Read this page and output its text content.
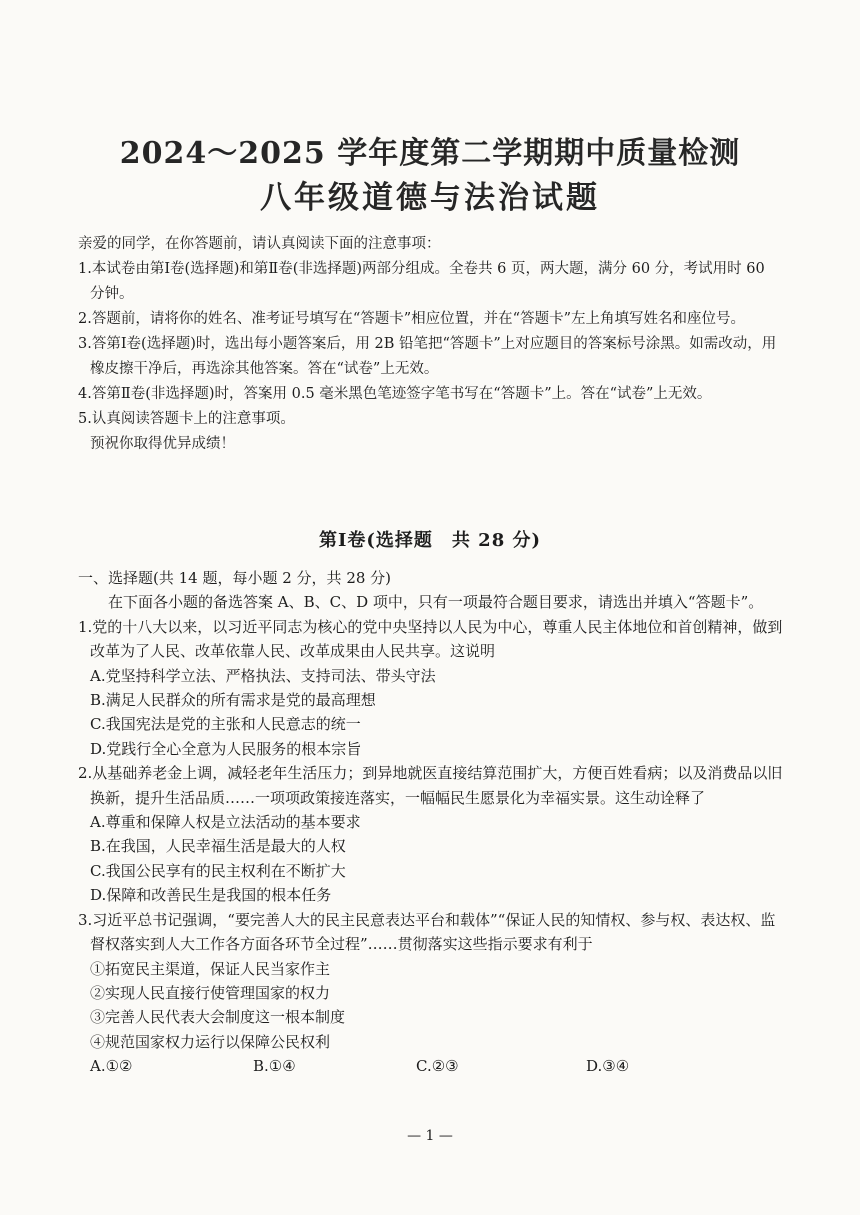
2024～2025 学年度第二学期期中质量检测
八年级道德与法治试题

亲爱的同学，在你答题前，请认真阅读下面的注意事项：

1.本试卷由第Ⅰ卷(选择题)和第Ⅱ卷(非选择题)两部分组成。全卷共 6 页，两大题，满分 60 分，考试用时 60 分钟。

2.答题前，请将你的姓名、准考证号填写在“答题卡”相应位置，并在“答题卡”左上角填写姓名和座位号。

3.答第Ⅰ卷(选择题)时，选出每小题答案后，用 2B 铅笔把“答题卡”上对应题目的答案标号涂黑。如需改动，用橡皮擦干净后，再选涂其他答案。答在“试卷”上无效。

4.答第Ⅱ卷(非选择题)时，答案用 0.5 毫米黑色笔迹签字笔书写在“答题卡”上。答在“试卷”上无效。

5.认真阅读答题卡上的注意事项。

预祝你取得优异成绩！

第Ⅰ卷(选择题　共 28 分)

一、选择题(共 14 题，每小题 2 分，共 28 分)

在下面各小题的备选答案 A、B、C、D 项中，只有一项最符合题目要求，请选出并填入“答题卡”。

1.党的十八大以来，以习近平同志为核心的党中央坚持以人民为中心，尊重人民主体地位和首创精神，做到改革为了人民、改革依靠人民、改革成果由人民共享。这说明

A.党坚持科学立法、严格执法、支持司法、带头守法

B.满足人民群众的所有需求是党的最高理想

C.我国宪法是党的主张和人民意志的统一

D.党践行全心全意为人民服务的根本宗旨

2.从基础养老金上调，减轻老年生活压力；到异地就医直接结算范围扩大，方便百姓看病；以及消费品以旧换新，提升生活品质……一项项政策接连落实，一幅幅民生愿景化为幸福实景。这生动诠释了

A.尊重和保障人权是立法活动的基本要求

B.在我国，人民幸福生活是最大的人权

C.我国公民享有的民主权利在不断扩大

D.保障和改善民生是我国的根本任务

3.习近平总书记强调，“要完善人大的民主民意表达平台和载体”“保证人民的知情权、参与权、表达权、监督权落实到人大工作各方面各环节全过程”……贯彻落实这些指示要求有利于

①拓宽民主渠道，保证人民当家作主

②实现人民直接行使管理国家的权力

③完善人民代表大会制度这一根本制度

④规范国家权力运行以保障公民权利

A.①②	B.①④	C.②③	D.③④
— 1 —
